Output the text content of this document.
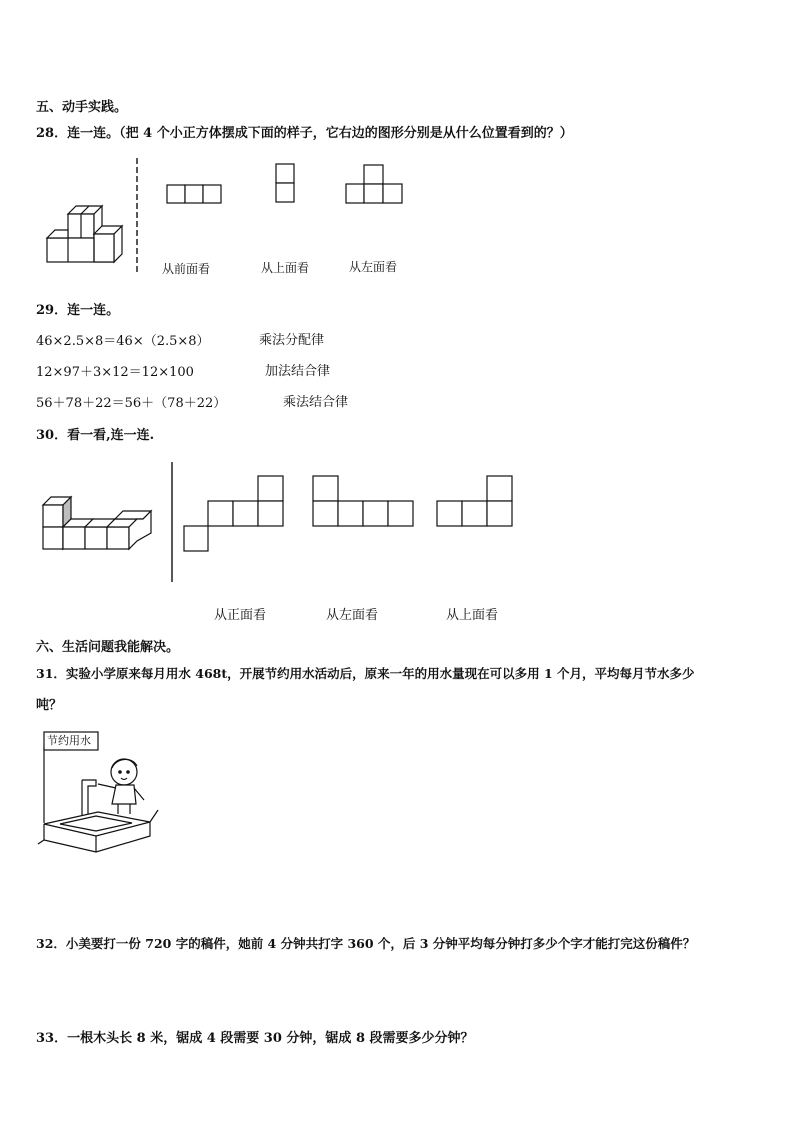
五、动手实践。
28．连一连。（把 4 个小正方体摆成下面的样子，它右边的图形分别是从什么位置看到的？）
从前面看	从上面看	从左面看
29．连一连。
46×2.5×8＝46×（2.5×8）	乘法分配律
12×97＋3×12＝12×100	加法结合律
56＋78＋22＝56＋（78＋22）	乘法结合律
30．看一看,连一连.
从正面看	从左面看	从上面看
六、生活问题我能解决。
31．实验小学原来每月用水 468t，开展节约用水活动后，原来一年的用水量现在可以多用 1 个月，平均每月节水多少
吨？
节约用水
32．小美要打一份 720 字的稿件，她前 4 分钟共打字 360 个，后 3 分钟平均每分钟打多少个字才能打完这份稿件？
33．一根木头长 8 米，锯成 4 段需要 30 分钟，锯成 8 段需要多少分钟？
